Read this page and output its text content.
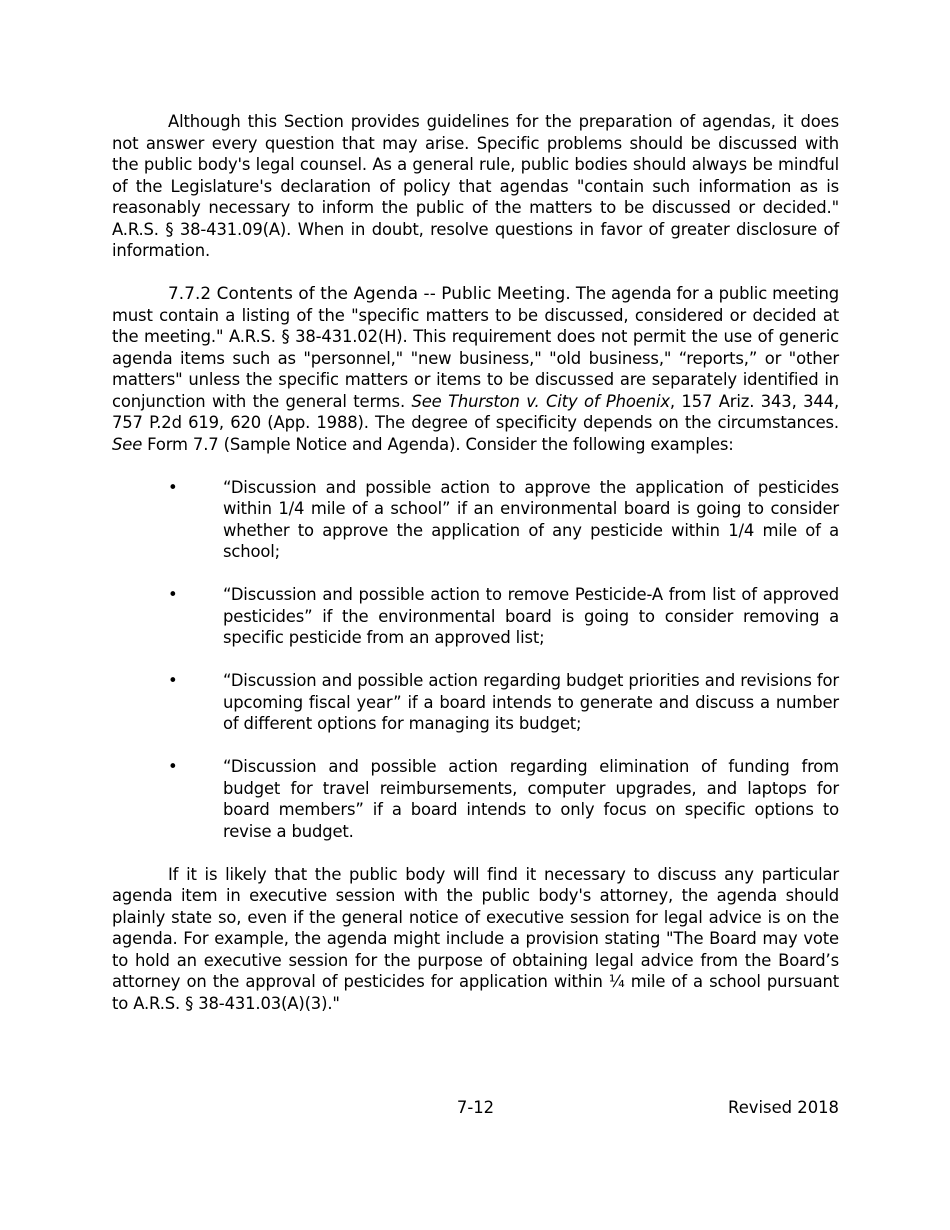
Although this Section provides guidelines for the preparation of agendas, it does not answer every question that may arise. Specific problems should be discussed with the public body's legal counsel. As a general rule, public bodies should always be mindful of the Legislature's declaration of policy that agendas "contain such information as is reasonably necessary to inform the public of the matters to be discussed or decided." A.R.S. § 38-431.09(A). When in doubt, resolve questions in favor of greater disclosure of information.

7.7.2 Contents of the Agenda -- Public Meeting. The agenda for a public meeting must contain a listing of the "specific matters to be discussed, considered or decided at the meeting." A.R.S. § 38-431.02(H). This requirement does not permit the use of generic agenda items such as "personnel," "new business," "old business," “reports,” or "other matters" unless the specific matters or items to be discussed are separately identified in conjunction with the general terms. See Thurston v. City of Phoenix, 157 Ariz. 343, 344, 757 P.2d 619, 620 (App. 1988). The degree of specificity depends on the circumstances. See Form 7.7 (Sample Notice and Agenda). Consider the following examples:

•	“Discussion and possible action to approve the application of pesticides within 1/4 mile of a school” if an environmental board is going to consider whether to approve the application of any pesticide within 1/4 mile of a school;
•	“Discussion and possible action to remove Pesticide-A from list of approved pesticides” if the environmental board is going to consider removing a specific pesticide from an approved list;
•	“Discussion and possible action regarding budget priorities and revisions for upcoming fiscal year” if a board intends to generate and discuss a number of different options for managing its budget;
•	“Discussion and possible action regarding elimination of funding from budget for travel reimbursements, computer upgrades, and laptops for board members” if a board intends to only focus on specific options to revise a budget.

If it is likely that the public body will find it necessary to discuss any particular agenda item in executive session with the public body's attorney, the agenda should plainly state so, even if the general notice of executive session for legal advice is on the agenda. For example, the agenda might include a provision stating "The Board may vote to hold an executive session for the purpose of obtaining legal advice from the Board’s attorney on the approval of pesticides for application within ¼ mile of a school pursuant to A.R.S. § 38-431.03(A)(3)."

7-12	Revised 2018
